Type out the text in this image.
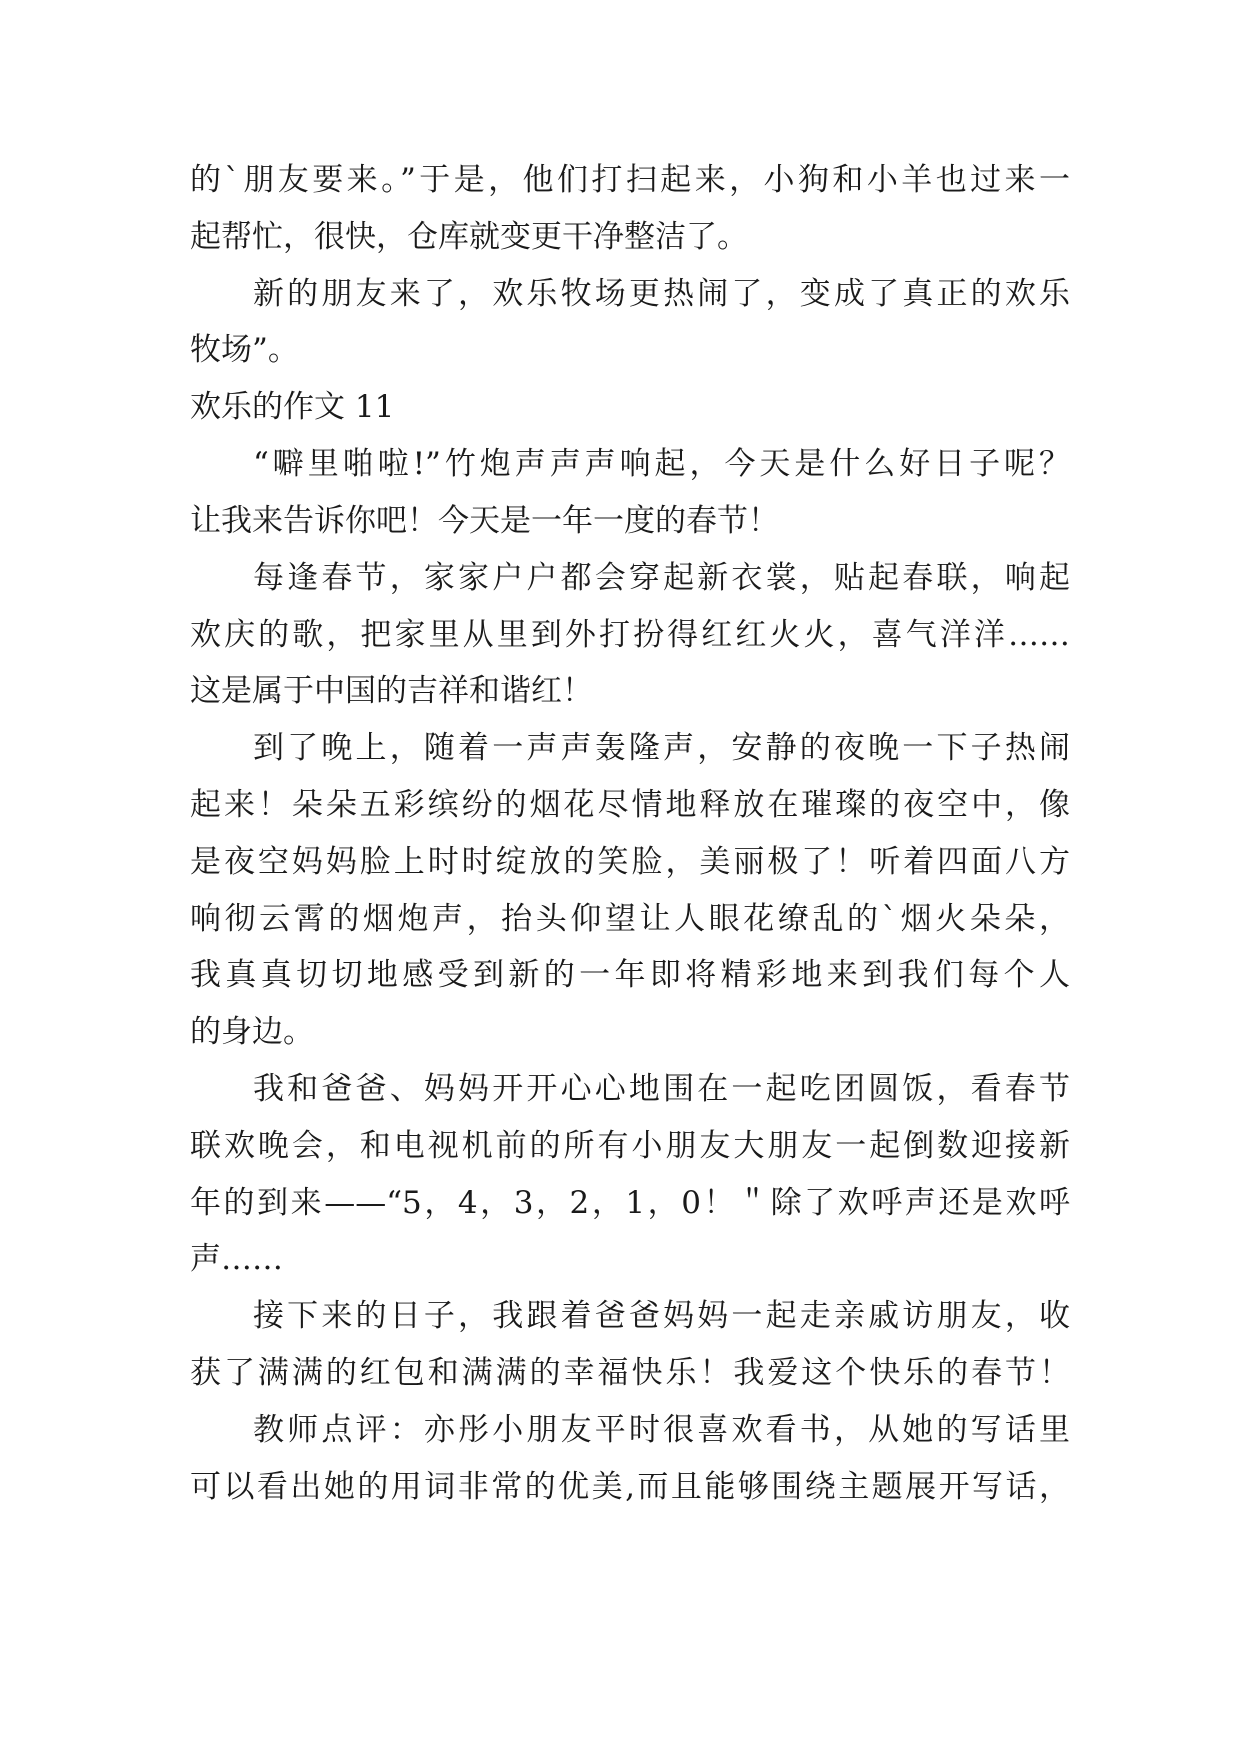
的`朋友要来。”于是，他们打扫起来，小狗和小羊也过来一
起帮忙，很快，仓库就变更干净整洁了。
新的朋友来了，欢乐牧场更热闹了，变成了真正的欢乐
牧场”。
欢乐的作文 11
“噼里啪啦!”竹炮声声声响起，今天是什么好日子呢？
让我来告诉你吧！今天是一年一度的春节！
每逢春节，家家户户都会穿起新衣裳，贴起春联，响起
欢庆的歌，把家里从里到外打扮得红红火火，喜气洋洋……
这是属于中国的吉祥和谐红！
到了晚上，随着一声声轰隆声，安静的夜晚一下子热闹
起来！朵朵五彩缤纷的烟花尽情地释放在璀璨的夜空中，像
是夜空妈妈脸上时时绽放的笑脸，美丽极了！听着四面八方
响彻云霄的烟炮声，抬头仰望让人眼花缭乱的`烟火朵朵，
我真真切切地感受到新的一年即将精彩地来到我们每个人
的身边。
我和爸爸、妈妈开开心心地围在一起吃团圆饭，看春节
联欢晚会，和电视机前的所有小朋友大朋友一起倒数迎接新
年的到来——“5，4，3，2，1，0！＂除了欢呼声还是欢呼
声……
接下来的日子，我跟着爸爸妈妈一起走亲戚访朋友，收
获了满满的红包和满满的幸福快乐！我爱这个快乐的春节！
教师点评：亦彤小朋友平时很喜欢看书，从她的写话里
可以看出她的用词非常的优美,而且能够围绕主题展开写话，
